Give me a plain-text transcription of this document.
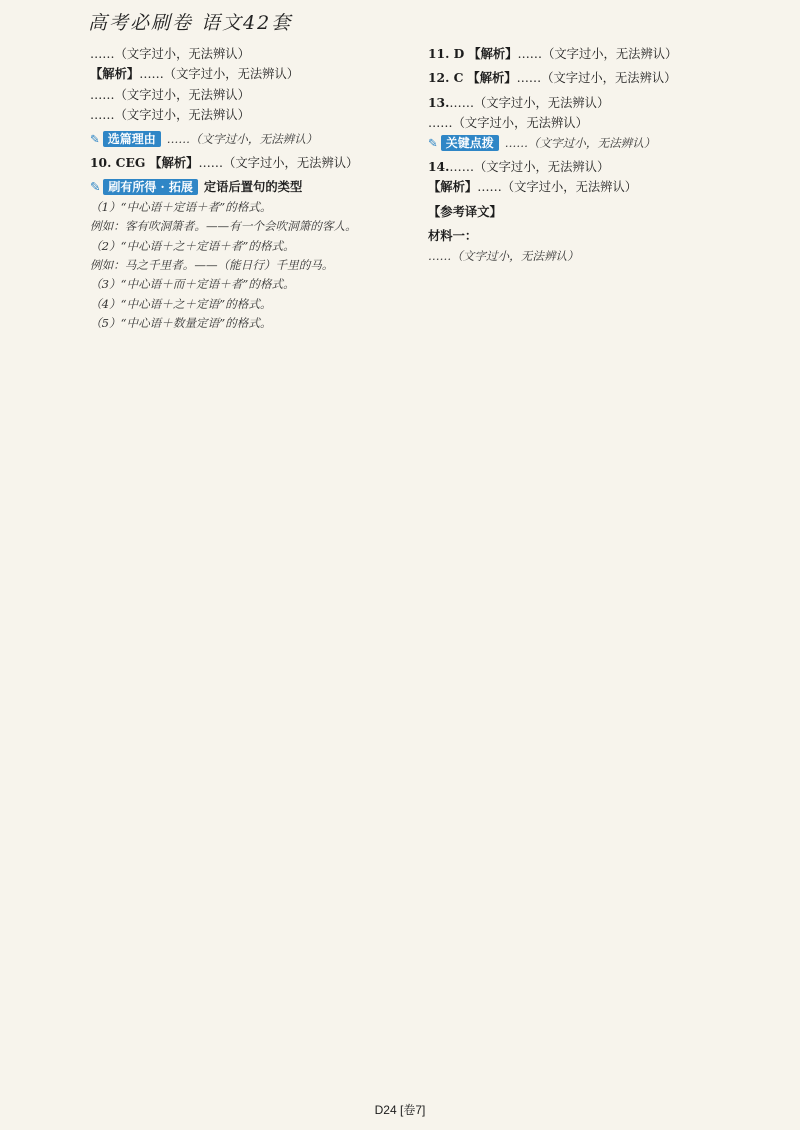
高考必刷卷 语文42套

……（文字过小，无法辨认）

【解析】……（文字过小，无法辨认）

……（文字过小，无法辨认）

……（文字过小，无法辨认）

✎ 选篇理由 ……（文字过小，无法辨认）

10. CEG 【解析】……（文字过小，无法辨认）

✎ 刷有所得 · 拓展 定语后置句的类型

（1）“中心语＋定语＋者”的格式。

例如：客有吹洞箫者。——有一个会吹洞箫的客人。

（2）“中心语＋之＋定语＋者”的格式。

例如：马之千里者。——（能日行）千里的马。

（3）“中心语＋而＋定语＋者”的格式。

（4）“中心语＋之＋定语”的格式。

（5）“中心语＋数量定语”的格式。

11. D 【解析】……（文字过小，无法辨认）

12. C 【解析】……（文字过小，无法辨认）

13.……（文字过小，无法辨认）

……（文字过小，无法辨认）

✎ 关键点拨 ……（文字过小，无法辨认）

14.……（文字过小，无法辨认）

【解析】……（文字过小，无法辨认）

【参考译文】

材料一：

……（文字过小，无法辨认）

D24 [卷7]
